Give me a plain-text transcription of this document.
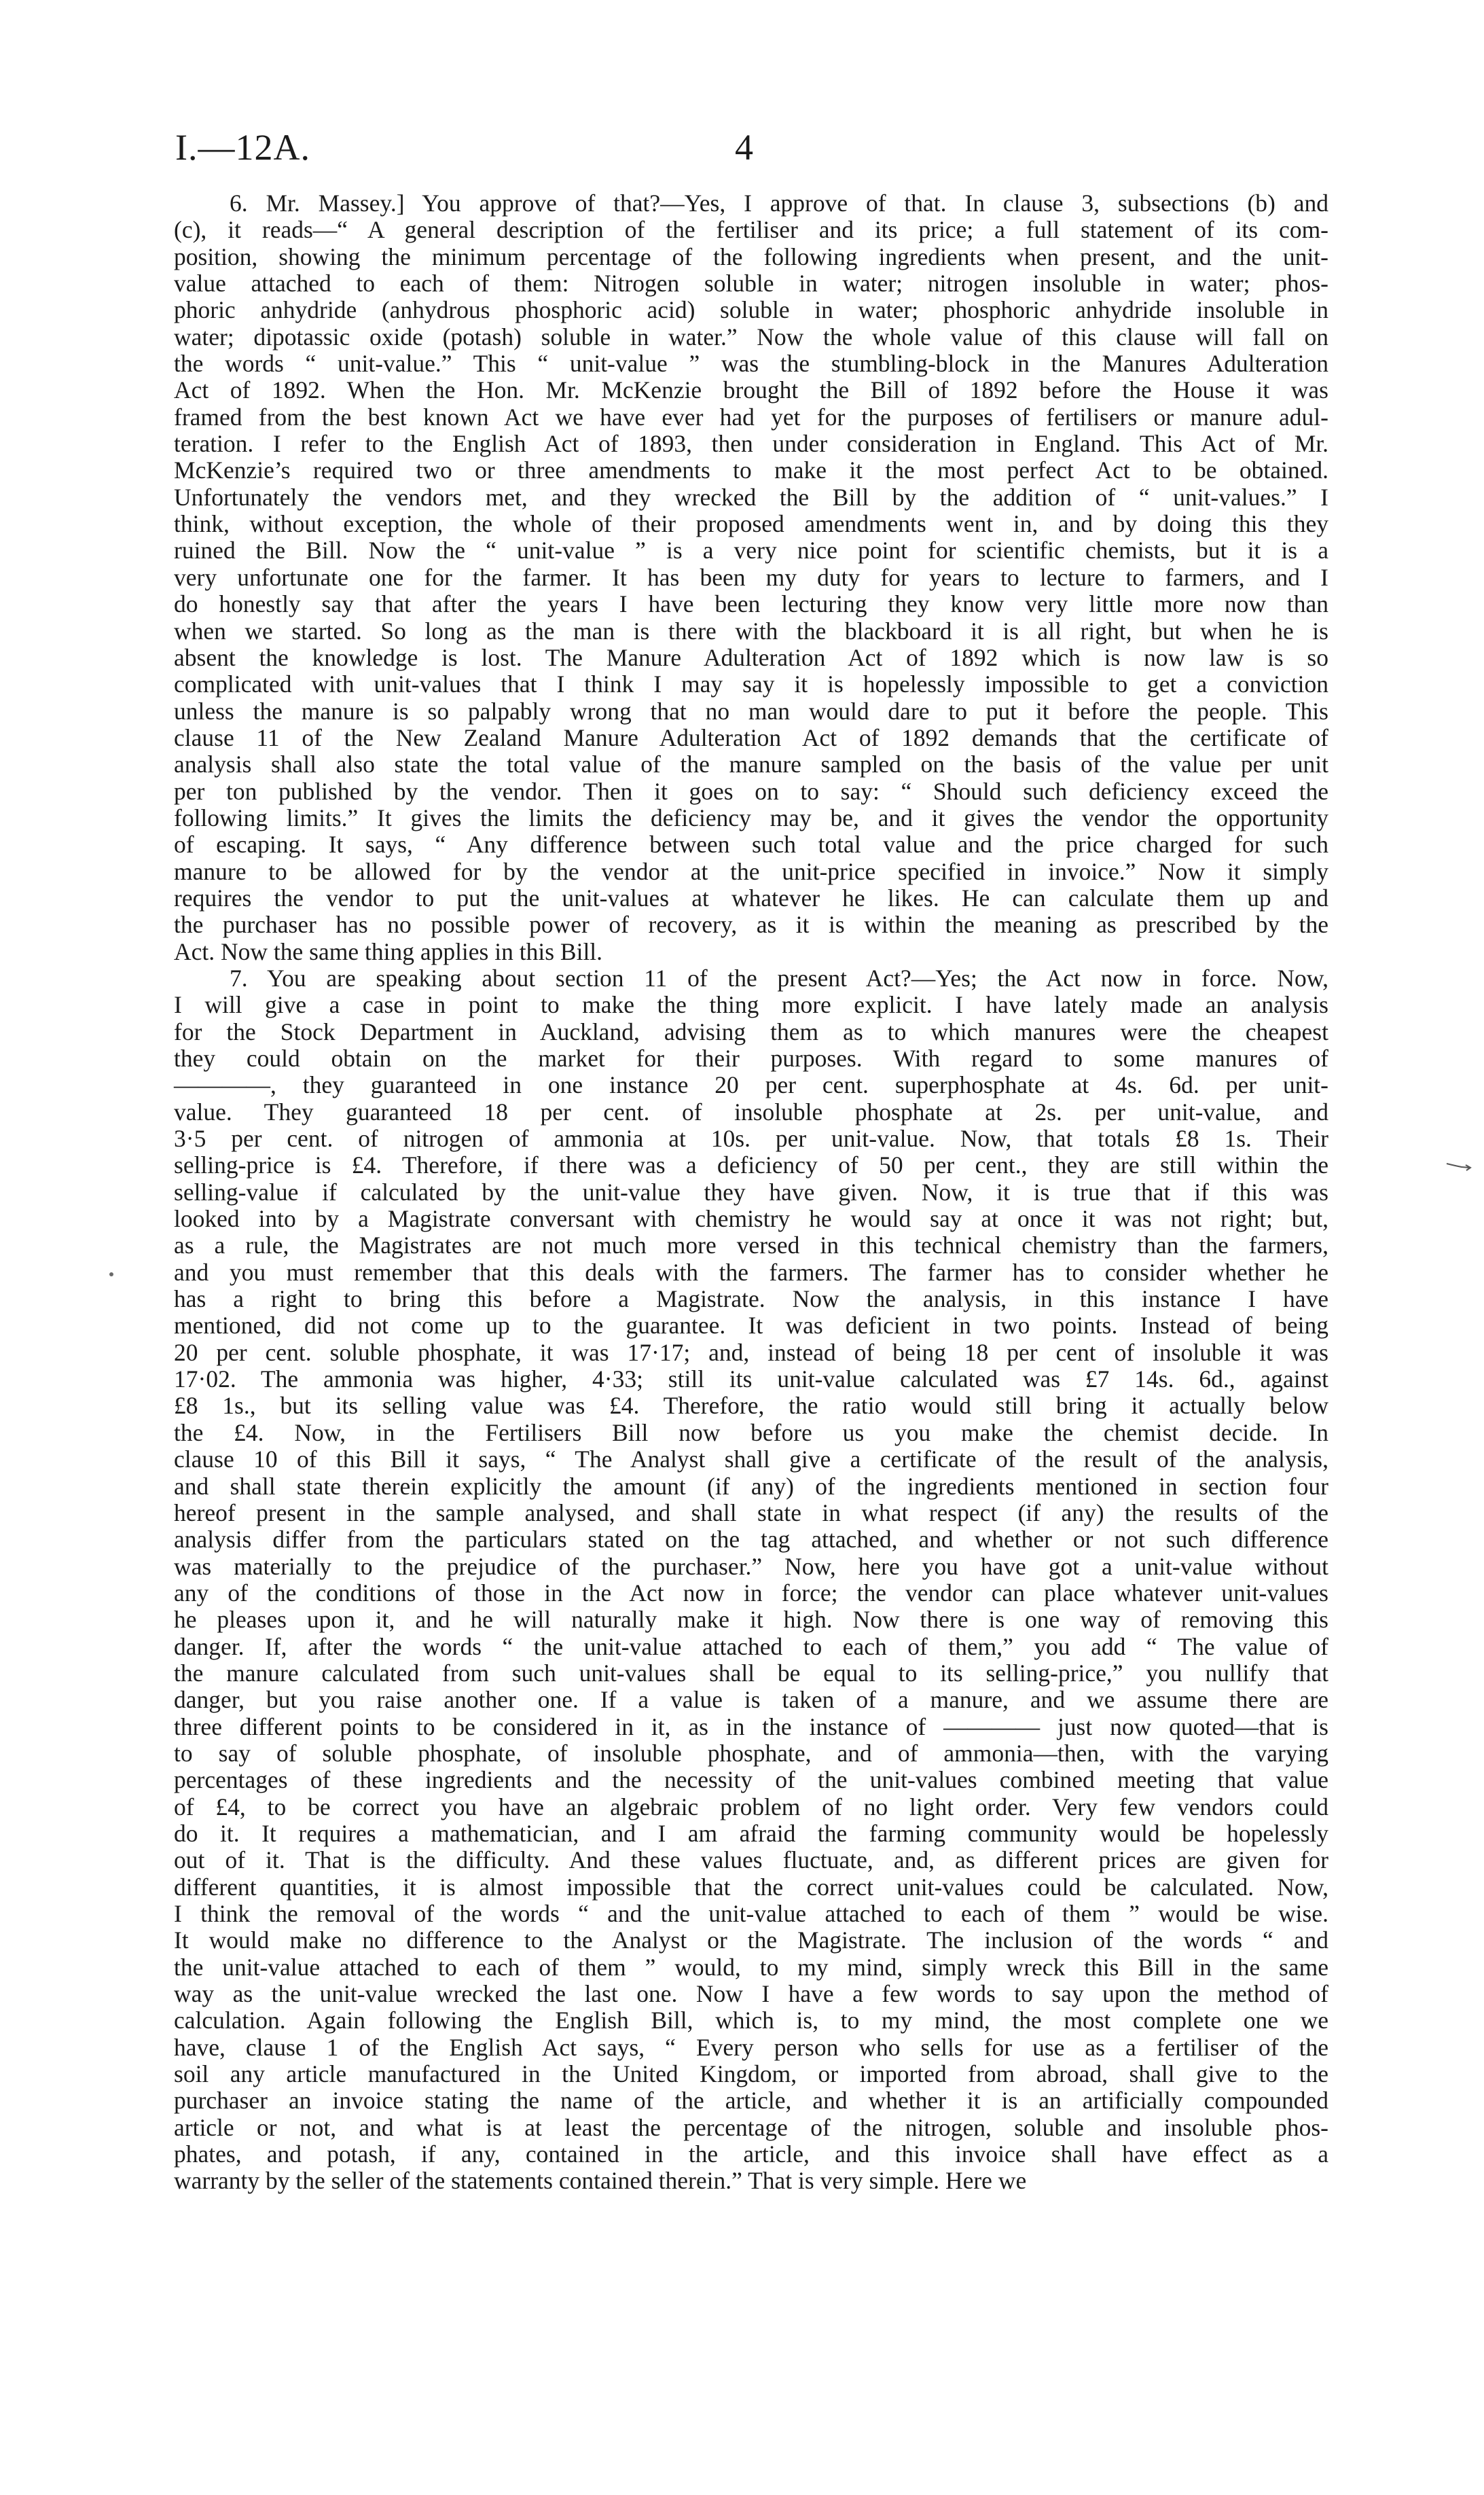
I.—12A.	4
6. Mr. Massey.] You approve of that?—Yes, I approve of that. In clause 3, subsections (b) and
(c), it reads—“ A general description of the fertiliser and its price; a full statement of its com-
position, showing the minimum percentage of the following ingredients when present, and the unit-
value attached to each of them: Nitrogen soluble in water; nitrogen insoluble in water; phos-
phoric anhydride (anhydrous phosphoric acid) soluble in water; phosphoric anhydride insoluble in
water; dipotassic oxide (potash) soluble in water.” Now the whole value of this clause will fall on
the words “ unit-value.” This “ unit-value ” was the stumbling-block in the Manures Adulteration
Act of 1892. When the Hon. Mr. McKenzie brought the Bill of 1892 before the House it was
framed from the best known Act we have ever had yet for the purposes of fertilisers or manure adul-
teration. I refer to the English Act of 1893, then under consideration in England. This Act of Mr.
McKenzie’s required two or three amendments to make it the most perfect Act to be obtained.
Unfortunately the vendors met, and they wrecked the Bill by the addition of “ unit-values.” I
think, without exception, the whole of their proposed amendments went in, and by doing this they
ruined the Bill. Now the “ unit-value ” is a very nice point for scientific chemists, but it is a
very unfortunate one for the farmer. It has been my duty for years to lecture to farmers, and I
do honestly say that after the years I have been lecturing they know very little more now than
when we started. So long as the man is there with the blackboard it is all right, but when he is
absent the knowledge is lost. The Manure Adulteration Act of 1892 which is now law is so
complicated with unit-values that I think I may say it is hopelessly impossible to get a conviction
unless the manure is so palpably wrong that no man would dare to put it before the people. This
clause 11 of the New Zealand Manure Adulteration Act of 1892 demands that the certificate of
analysis shall also state the total value of the manure sampled on the basis of the value per unit
per ton published by the vendor. Then it goes on to say: “ Should such deficiency exceed the
following limits.” It gives the limits the deficiency may be, and it gives the vendor the opportunity
of escaping. It says, “ Any difference between such total value and the price charged for such
manure to be allowed for by the vendor at the unit-price specified in invoice.” Now it simply
requires the vendor to put the unit-values at whatever he likes. He can calculate them up and
the purchaser has no possible power of recovery, as it is within the meaning as prescribed by the
Act. Now the same thing applies in this Bill.
7. You are speaking about section 11 of the present Act?—Yes; the Act now in force. Now,
I will give a case in point to make the thing more explicit. I have lately made an analysis
for the Stock Department in Auckland, advising them as to which manures were the cheapest
they could obtain on the market for their purposes. With regard to some manures of
————, they guaranteed in one instance 20 per cent. superphosphate at 4s. 6d. per unit-
value. They guaranteed 18 per cent. of insoluble phosphate at 2s. per unit-value, and
3·5 per cent. of nitrogen of ammonia at 10s. per unit-value. Now, that totals £8 1s. Their
selling-price is £4. Therefore, if there was a deficiency of 50 per cent., they are still within the
selling-value if calculated by the unit-value they have given. Now, it is true that if this was
looked into by a Magistrate conversant with chemistry he would say at once it was not right; but,
as a rule, the Magistrates are not much more versed in this technical chemistry than the farmers,
and you must remember that this deals with the farmers. The farmer has to consider whether he
has a right to bring this before a Magistrate. Now the analysis, in this instance I have
mentioned, did not come up to the guarantee. It was deficient in two points. Instead of being
20 per cent. soluble phosphate, it was 17·17; and, instead of being 18 per cent of insoluble it was
17·02. The ammonia was higher, 4·33; still its unit-value calculated was £7 14s. 6d., against
£8 1s., but its selling value was £4. Therefore, the ratio would still bring it actually below
the £4. Now, in the Fertilisers Bill now before us you make the chemist decide. In
clause 10 of this Bill it says, “ The Analyst shall give a certificate of the result of the analysis,
and shall state therein explicitly the amount (if any) of the ingredients mentioned in section four
hereof present in the sample analysed, and shall state in what respect (if any) the results of the
analysis differ from the particulars stated on the tag attached, and whether or not such difference
was materially to the prejudice of the purchaser.” Now, here you have got a unit-value without
any of the conditions of those in the Act now in force; the vendor can place whatever unit-values
he pleases upon it, and he will naturally make it high. Now there is one way of removing this
danger. If, after the words “ the unit-value attached to each of them,” you add “ The value of
the manure calculated from such unit-values shall be equal to its selling-price,” you nullify that
danger, but you raise another one. If a value is taken of a manure, and we assume there are
three different points to be considered in it, as in the instance of ———— just now quoted—that is
to say of soluble phosphate, of insoluble phosphate, and of ammonia—then, with the varying
percentages of these ingredients and the necessity of the unit-values combined meeting that value
of £4, to be correct you have an algebraic problem of no light order. Very few vendors could
do it. It requires a mathematician, and I am afraid the farming community would be hopelessly
out of it. That is the difficulty. And these values fluctuate, and, as different prices are given for
different quantities, it is almost impossible that the correct unit-values could be calculated. Now,
I think the removal of the words “ and the unit-value attached to each of them ” would be wise.
It would make no difference to the Analyst or the Magistrate. The inclusion of the words “ and
the unit-value attached to each of them ” would, to my mind, simply wreck this Bill in the same
way as the unit-value wrecked the last one. Now I have a few words to say upon the method of
calculation. Again following the English Bill, which is, to my mind, the most complete one we
have, clause 1 of the English Act says, “ Every person who sells for use as a fertiliser of the
soil any article manufactured in the United Kingdom, or imported from abroad, shall give to the
purchaser an invoice stating the name of the article, and whether it is an artificially compounded
article or not, and what is at least the percentage of the nitrogen, soluble and insoluble phos-
phates, and potash, if any, contained in the article, and this invoice shall have effect as a
warranty by the seller of the statements contained therein.” That is very simple. Here we
